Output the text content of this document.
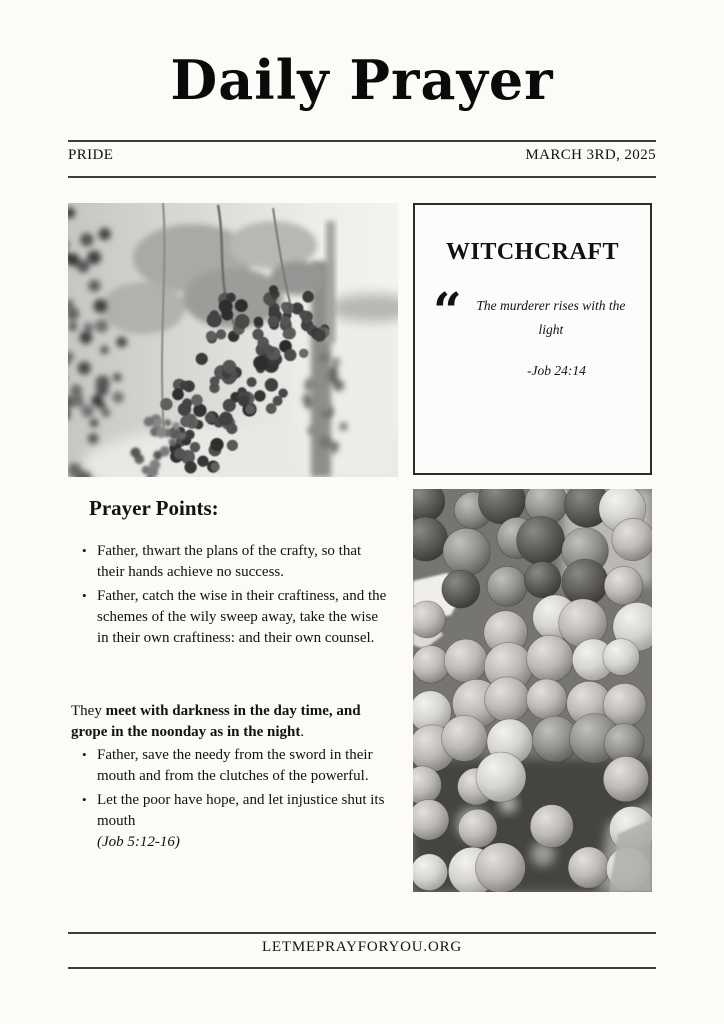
Daily Prayer
PRIDE	MARCH 3RD, 2025
WITCHCRAFT
“	The murderer rises with the light
-Job 24:14
Prayer Points:
• Father, thwart the plans of the crafty, so that their hands achieve no success.
• Father, catch the wise in their craftiness, and the schemes of the wily sweep away, take the wise in their own craftiness: and their own counsel.

They meet with darkness in the day time, and grope in the noonday as in the night.

• Father, save the needy from the sword in their mouth and from the clutches of the powerful.
• Let the poor have hope, and let injustice shut its mouth
(Job 5:12-16)
LETMEPRAYFORYOU.ORG
